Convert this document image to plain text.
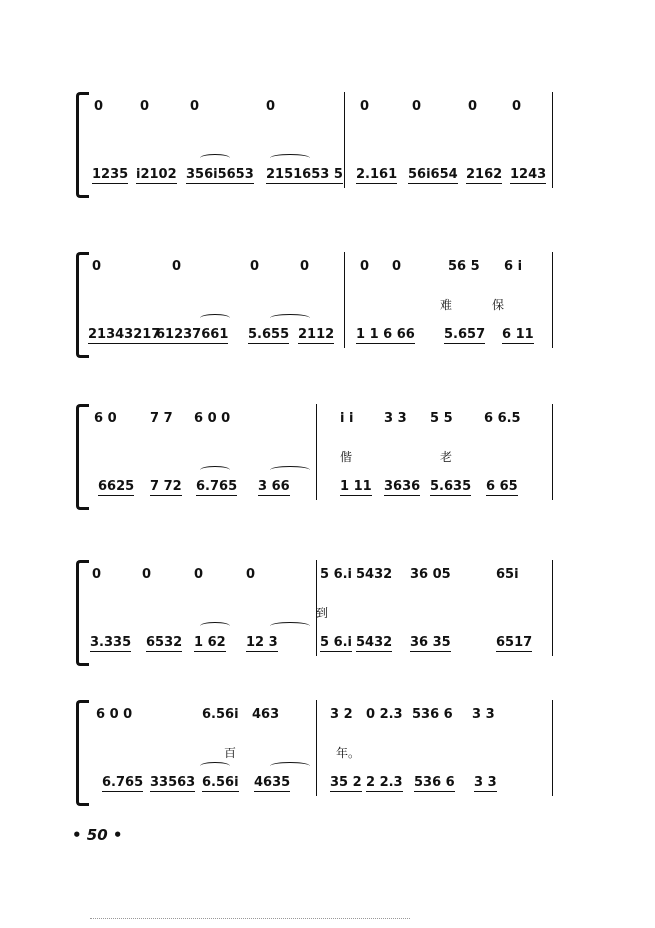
0	0	0	0	0	0	0	0
1235 i2102 356i5653 2151653 5 2.161 56i654 2162 1243
0	0	0	0	0 0	56 5 6 i
21343217
61237661 5.655 2112 1 1 6 66 5.657 6 11
难	保
6 0	7 7 6 0 0	i i 3 3 5 5 6 6.5
6625 7 72 6.765 3 66	1 11 3636 5.635 6 65
偕	老
0	0	0	0	5 6.i 5432 36 05	65i
3.335 6532 1 62 12 3	5 6.i 5432 36 35	6517
到
6 0 0	6.56i 463	3 2 0 2.3 536 6 3 3
6.765 33563 6.56i 4635	35 2 2 2.3 536 6 3 3
百	年。
• 50 •
